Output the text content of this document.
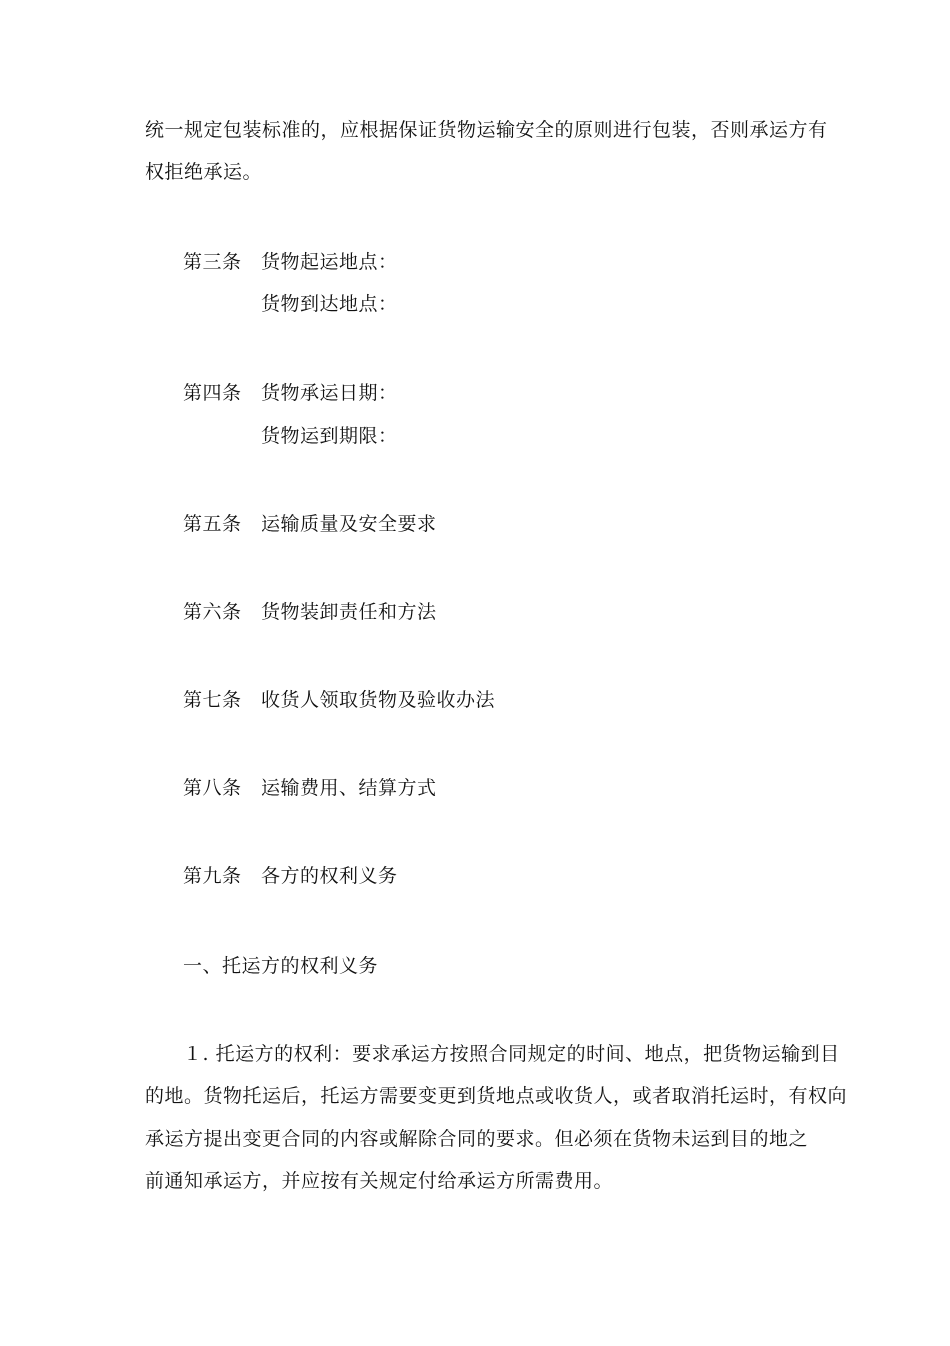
统一规定包装标准的，应根据保证货物运输安全的原则进行包装，否则承运方有
权拒绝承运。
第三条 货物起运地点：
货物到达地点：
第四条 货物承运日期：
货物运到期限：
第五条 运输质量及安全要求
第六条 货物装卸责任和方法
第七条 收货人领取货物及验收办法
第八条 运输费用、结算方式
第九条 各方的权利义务
一、托运方的权利义务
１. 托运方的权利：要求承运方按照合同规定的时间、地点，把货物运输到目
的地。货物托运后，托运方需要变更到货地点或收货人，或者取消托运时，有权向
承运方提出变更合同的内容或解除合同的要求。但必须在货物未运到目的地之
前通知承运方，并应按有关规定付给承运方所需费用。
